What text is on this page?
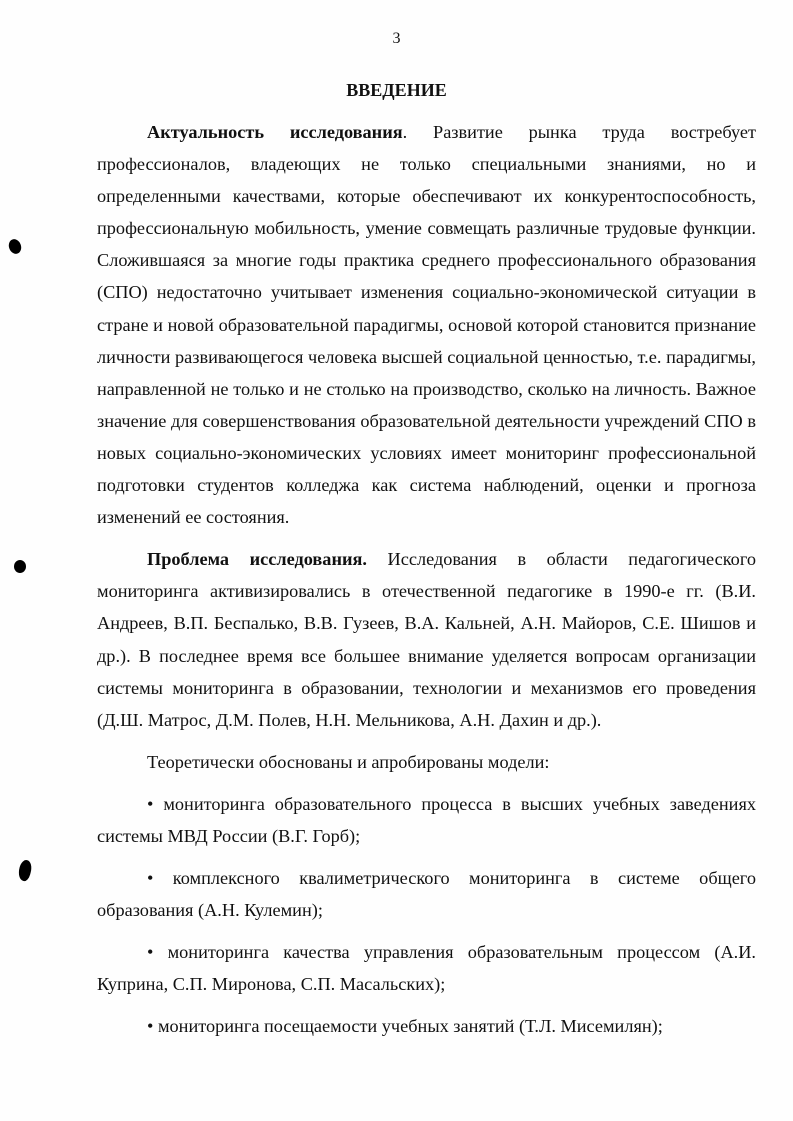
3
ВВЕДЕНИЕ

Актуальность исследования. Развитие рынка труда востребует профессионалов, владеющих не только специальными знаниями, но и определенными качествами, которые обеспечивают их конкурентоспособность, профессиональную мобильность, умение совмещать различные трудовые функции. Сложившаяся за многие годы практика среднего профессионального образования (СПО) недостаточно учитывает изменения социально-экономической ситуации в стране и новой образовательной парадигмы, основой которой становится признание личности развивающегося человека высшей социальной ценностью, т.е. парадигмы, направленной не только и не столько на производство, сколько на личность. Важное значение для совершенствования образовательной деятельности учреждений СПО в новых социально-экономических условиях имеет мониторинг профессиональной подготовки студентов колледжа как система наблюдений, оценки и прогноза изменений ее состояния.

Проблема исследования. Исследования в области педагогического мониторинга активизировались в отечественной педагогике в 1990-е гг. (В.И. Андреев, В.П. Беспалько, В.В. Гузеев, В.А. Кальней, А.Н. Майоров, С.Е. Шишов и др.). В последнее время все большее внимание уделяется вопросам организации системы мониторинга в образовании, технологии и механизмов его проведения (Д.Ш. Матрос, Д.М. Полев, Н.Н. Мельникова, А.Н. Дахин и др.).

Теоретически обоснованы и апробированы модели:

• мониторинга образовательного процесса в высших учебных заведениях системы МВД России (В.Г. Горб);

• комплексного квалиметрического мониторинга в системе общего образования (А.Н. Кулемин);

• мониторинга качества управления образовательным процессом (А.И. Куприна, С.П. Миронова, С.П. Масальских);

• мониторинга посещаемости учебных занятий (Т.Л. Мисемилян);
